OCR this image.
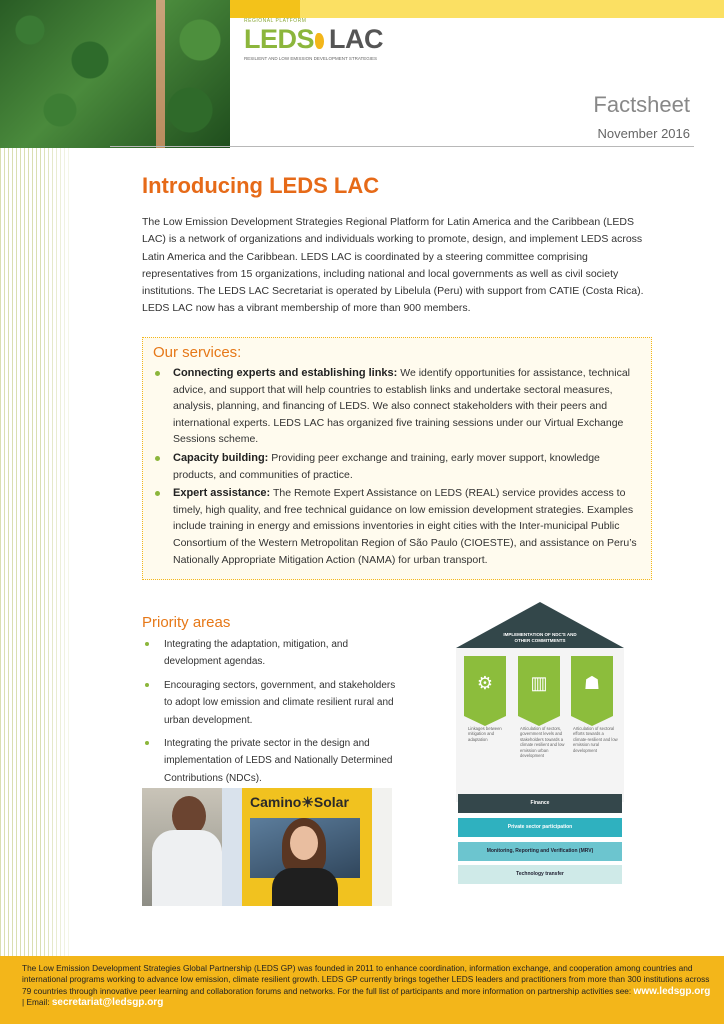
REGIONAL PLATFORM
LEDS LAC
RESILIENT AND LOW EMISSION DEVELOPMENT STRATEGIES
Factsheet
November 2016
Introducing LEDS LAC

The Low Emission Development Strategies Regional Platform for Latin America and the Caribbean (LEDS LAC) is a network of organizations and individuals working to promote, design, and implement LEDS across Latin America and the Caribbean. LEDS LAC is coordinated by a steering committee comprising representatives from 15 organizations, including national and local governments as well as civil society institutions. The LEDS LAC Secretariat is operated by Libelula (Peru) with support from CATIE (Costa Rica). LEDS LAC now has a vibrant membership of more than 900 members.

Our services:
Connecting experts and establishing links: We identify opportunities for assistance, technical advice, and support that will help countries to establish links and undertake sectoral measures, analysis, planning, and financing of LEDS. We also connect stakeholders with their peers and international experts. LEDS LAC has organized five training sessions under our Virtual Exchange Sessions scheme.
Capacity building: Providing peer exchange and training, early mover support, knowledge products, and communities of practice.
Expert assistance: The Remote Expert Assistance on LEDS (REAL) service provides access to timely, high quality, and free technical guidance on low emission development strategies. Examples include training in energy and emissions inventories in eight cities with the Inter-municipal Public Consortium of the Western Metropolitan Region of São Paulo (CIOESTE), and assistance on Peru’s Nationally Appropriate Mitigation Action (NAMA) for urban transport.
Priority areas
Integrating the adaptation, mitigation, and development agendas.
Encouraging sectors, government, and stakeholders to adopt low emission and climate resilient rural and urban development.
Integrating the private sector in the design and implementation of LEDS and Nationally Determined Contributions (NDCs).
Camino☀Solar
IMPLEMENTATION OF NDC'S AND OTHER COMMITMENTS
⚙	▥	☗
Linkages between mitigation and adaptation
Articulation of sectors, government levels and stakeholders towards a climate resilient and low emission urban development
Articulation of sectoral efforts towards a climate-resilient and low emission rural development
Finance
Private sector participation
Monitoring, Reporting and Verification (MRV)
Technology transfer

The Low Emission Development Strategies Global Partnership (LEDS GP) was founded in 2011 to enhance coordination, information exchange, and cooperation among countries and international programs working to advance low emission, climate resilient growth. LEDS GP currently brings together LEDS leaders and practitioners from more than 300 institutions across 79 countries through innovative peer learning and collaboration forums and networks. For the full list of participants and more information on partnership activities see: www.ledsgp.org | Email: secretariat@ledsgp.org
